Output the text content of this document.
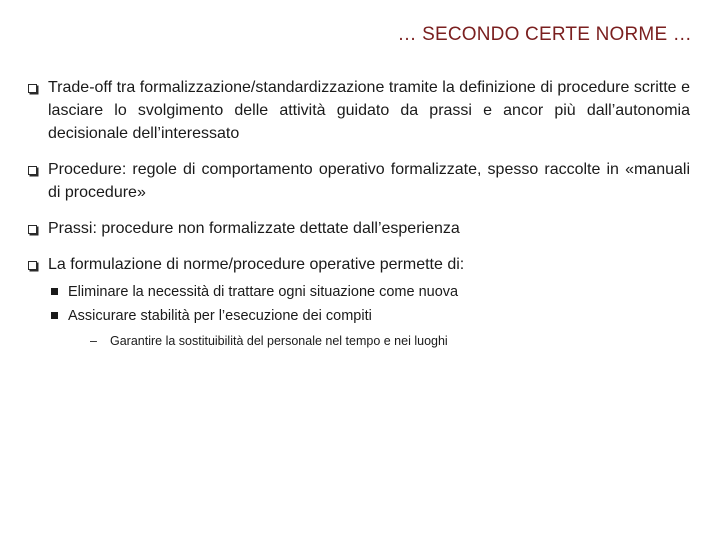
… SECONDO CERTE NORME …
Trade-off tra formalizzazione/standardizzazione tramite la definizione di procedure scritte e lasciare lo svolgimento delle attività guidato da prassi e ancor più dall’autonomia decisionale dell’interessato
Procedure: regole di comportamento operativo formalizzate, spesso raccolte in «manuali di procedure»
Prassi: procedure non formalizzate dettate dall’esperienza
La formulazione di norme/procedure operative permette di:
Eliminare la necessità di trattare ogni situazione come nuova
Assicurare stabilità per l’esecuzione dei compiti
– Garantire la sostituibilità del personale nel tempo e nei luoghi
